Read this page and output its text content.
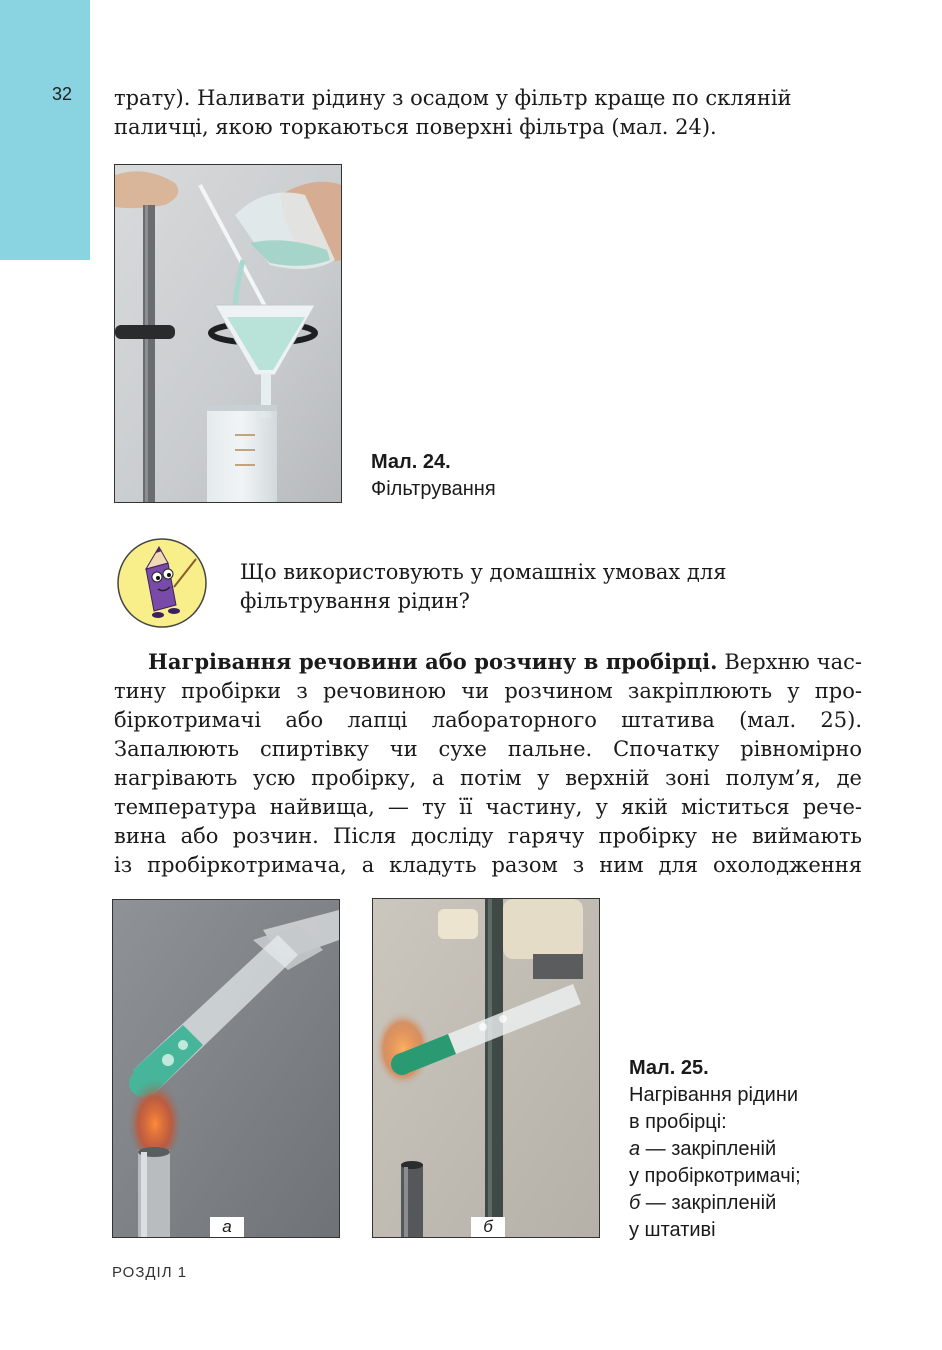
32 трату). Наливати рідину з осадом у фільтр краще по скляній
паличці, якою торкаються поверхні фільтра (мал. 24).

Мал. 24.
Фільтрування
Що використовують у домашніх умовах для
фільтрування рідин?

Нагрівання речовини або розчину в пробірці. Верхню час-
тину пробірки з речовиною чи розчином закріплюють у про-
біркотримачі або лапці лабораторного штатива (мал. 25).
Запалюють спиртівку чи сухе пальне. Спочатку рівномірно
нагрівають усю пробірку, а потім у верхній зоні полум’я, де
температура найвища, — ту її частину, у якій міститься рече-
вина або розчин. Після досліду гарячу пробірку не виймають
із пробіркотримача, а кладуть разом з ним для охолодження

а	б
Мал. 25.
Нагрівання рідини
в пробірці:
а — закріпленій
у пробіркотримачі;
б — закріпленій
у штативі
РОЗДІЛ 1
